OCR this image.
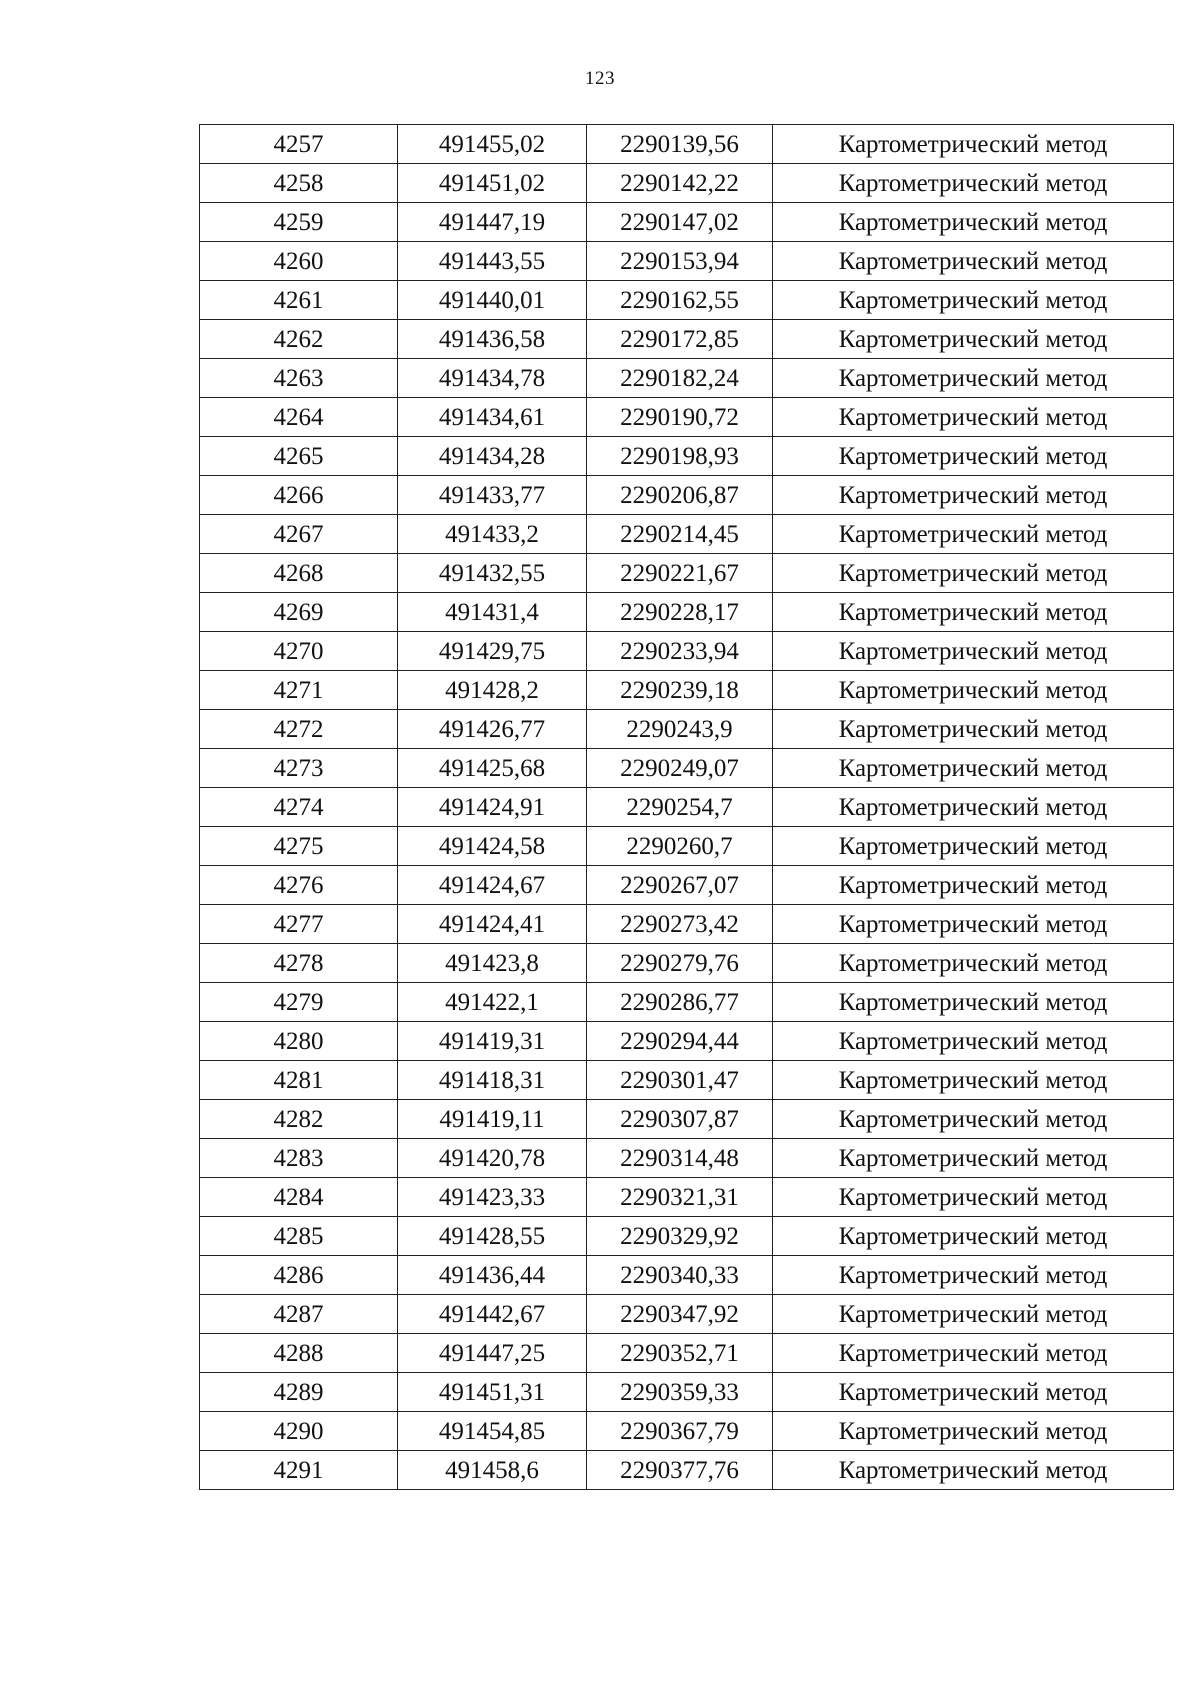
123
4257	491455,02	2290139,56	Картометрический метод
4258	491451,02	2290142,22	Картометрический метод
4259	491447,19	2290147,02	Картометрический метод
4260	491443,55	2290153,94	Картометрический метод
4261	491440,01	2290162,55	Картометрический метод
4262	491436,58	2290172,85	Картометрический метод
4263	491434,78	2290182,24	Картометрический метод
4264	491434,61	2290190,72	Картометрический метод
4265	491434,28	2290198,93	Картометрический метод
4266	491433,77	2290206,87	Картометрический метод
4267	491433,2	2290214,45	Картометрический метод
4268	491432,55	2290221,67	Картометрический метод
4269	491431,4	2290228,17	Картометрический метод
4270	491429,75	2290233,94	Картометрический метод
4271	491428,2	2290239,18	Картометрический метод
4272	491426,77	2290243,9	Картометрический метод
4273	491425,68	2290249,07	Картометрический метод
4274	491424,91	2290254,7	Картометрический метод
4275	491424,58	2290260,7	Картометрический метод
4276	491424,67	2290267,07	Картометрический метод
4277	491424,41	2290273,42	Картометрический метод
4278	491423,8	2290279,76	Картометрический метод
4279	491422,1	2290286,77	Картометрический метод
4280	491419,31	2290294,44	Картометрический метод
4281	491418,31	2290301,47	Картометрический метод
4282	491419,11	2290307,87	Картометрический метод
4283	491420,78	2290314,48	Картометрический метод
4284	491423,33	2290321,31	Картометрический метод
4285	491428,55	2290329,92	Картометрический метод
4286	491436,44	2290340,33	Картометрический метод
4287	491442,67	2290347,92	Картометрический метод
4288	491447,25	2290352,71	Картометрический метод
4289	491451,31	2290359,33	Картометрический метод
4290	491454,85	2290367,79	Картометрический метод
4291	491458,6	2290377,76	Картометрический метод
